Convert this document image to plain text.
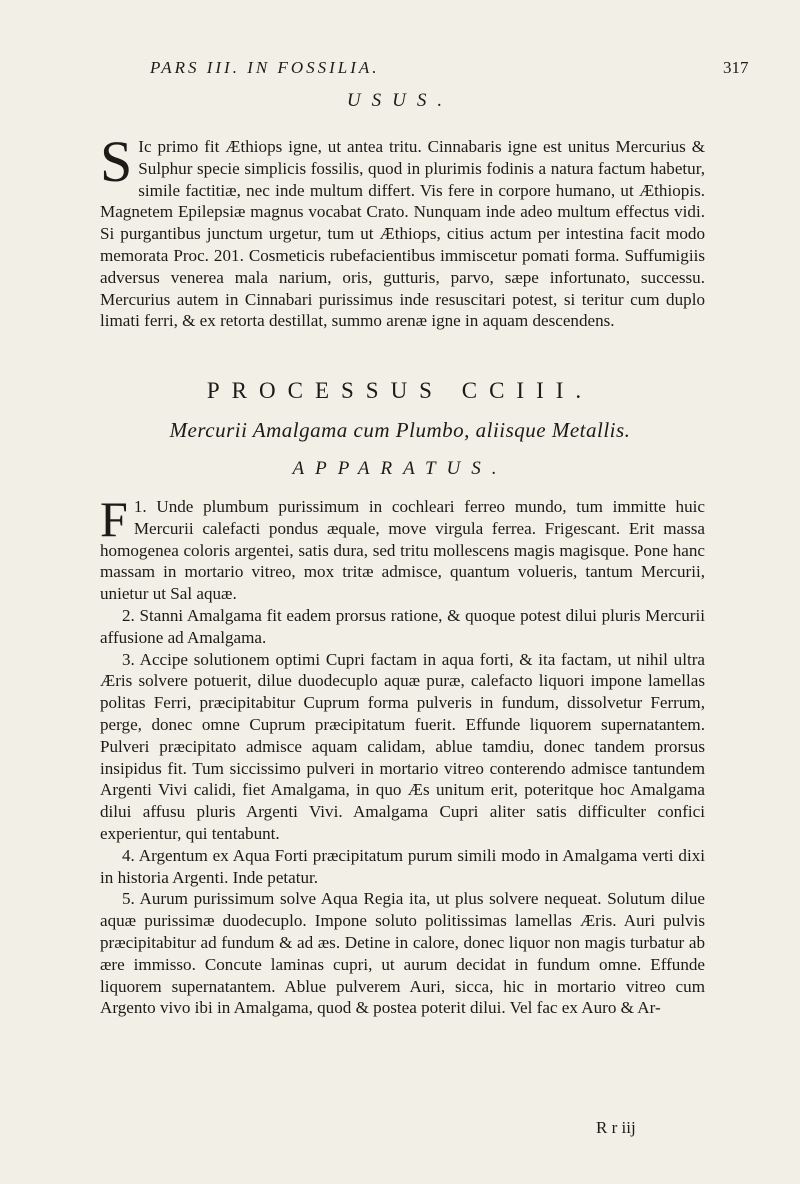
PARS III. IN FOSSILIA.	317
USUS.

S Ic primo fit Æthiops igne, ut antea tritu. Cinnabaris igne est unitus Mercurius & Sulphur specie simplicis fossilis, quod in plurimis fodinis a natura factum habetur, simile factitiæ, nec inde multum differt. Vis fere in corpore humano, ut Æthiopis. Magnetem Epilepsiæ magnus vocabat Crato. Nunquam inde adeo multum effectus vidi. Si purgantibus junctum urgetur, tum ut Æthiops, citius actum per intestina facit modo memorata Proc. 201. Cosmeticis rubefacientibus immiscetur pomati forma. Suffumigiis adversus venerea mala narium, oris, gutturis, parvo, sæpe infortunato, successu. Mercurius autem in Cinnabari purissimus inde resuscitari potest, si teritur cum duplo limati ferri, & ex retorta destillat, summo arenæ igne in aquam descendens.

PROCESSUS CCIII.
Mercurii Amalgama cum Plumbo, aliisque Metallis.
APPARATUS.

F 1. Unde plumbum purissimum in cochleari ferreo mundo, tum immitte huic Mercurii calefacti pondus æquale, move virgula ferrea. Frigescant. Erit massa homogenea coloris argentei, satis dura, sed tritu mollescens magis magisque. Pone hanc massam in mortario vitreo, mox tritæ admisce, quantum volueris, tantum Mercurii, unietur ut Sal aquæ.

2. Stanni Amalgama fit eadem prorsus ratione, & quoque potest dilui pluris Mercurii affusione ad Amalgama.

3. Accipe solutionem optimi Cupri factam in aqua forti, & ita factam, ut nihil ultra Æris solvere potuerit, dilue duodecuplo aquæ puræ, calefacto liquori impone lamellas politas Ferri, præcipitabitur Cuprum forma pulveris in fundum, dissolvetur Ferrum, perge, donec omne Cuprum præcipitatum fuerit. Effunde liquorem supernatantem. Pulveri præcipitato admisce aquam calidam, ablue tamdiu, donec tandem prorsus insipidus fit. Tum siccissimo pulveri in mortario vitreo conterendo admisce tantundem Argenti Vivi calidi, fiet Amalgama, in quo Æs unitum erit, poteritque hoc Amalgama dilui affusu pluris Argenti Vivi. Amalgama Cupri aliter satis difficulter confici experientur, qui tentabunt.

4. Argentum ex Aqua Forti præcipitatum purum simili modo in Amalgama verti dixi in historia Argenti. Inde petatur.

5. Aurum purissimum solve Aqua Regia ita, ut plus solvere nequeat. Solutum dilue aquæ purissimæ duodecuplo. Impone soluto politissimas lamellas Æris. Auri pulvis præcipitabitur ad fundum & ad æs. Detine in calore, donec liquor non magis turbatur ab ære immisso. Concute laminas cupri, ut aurum decidat in fundum omne. Effunde liquorem supernatantem. Ablue pulverem Auri, sicca, hic in mortario vitreo cum Argento vivo ibi in Amalgama, quod & postea poterit dilui. Vel fac ex Auro & Ar-

R r iij
